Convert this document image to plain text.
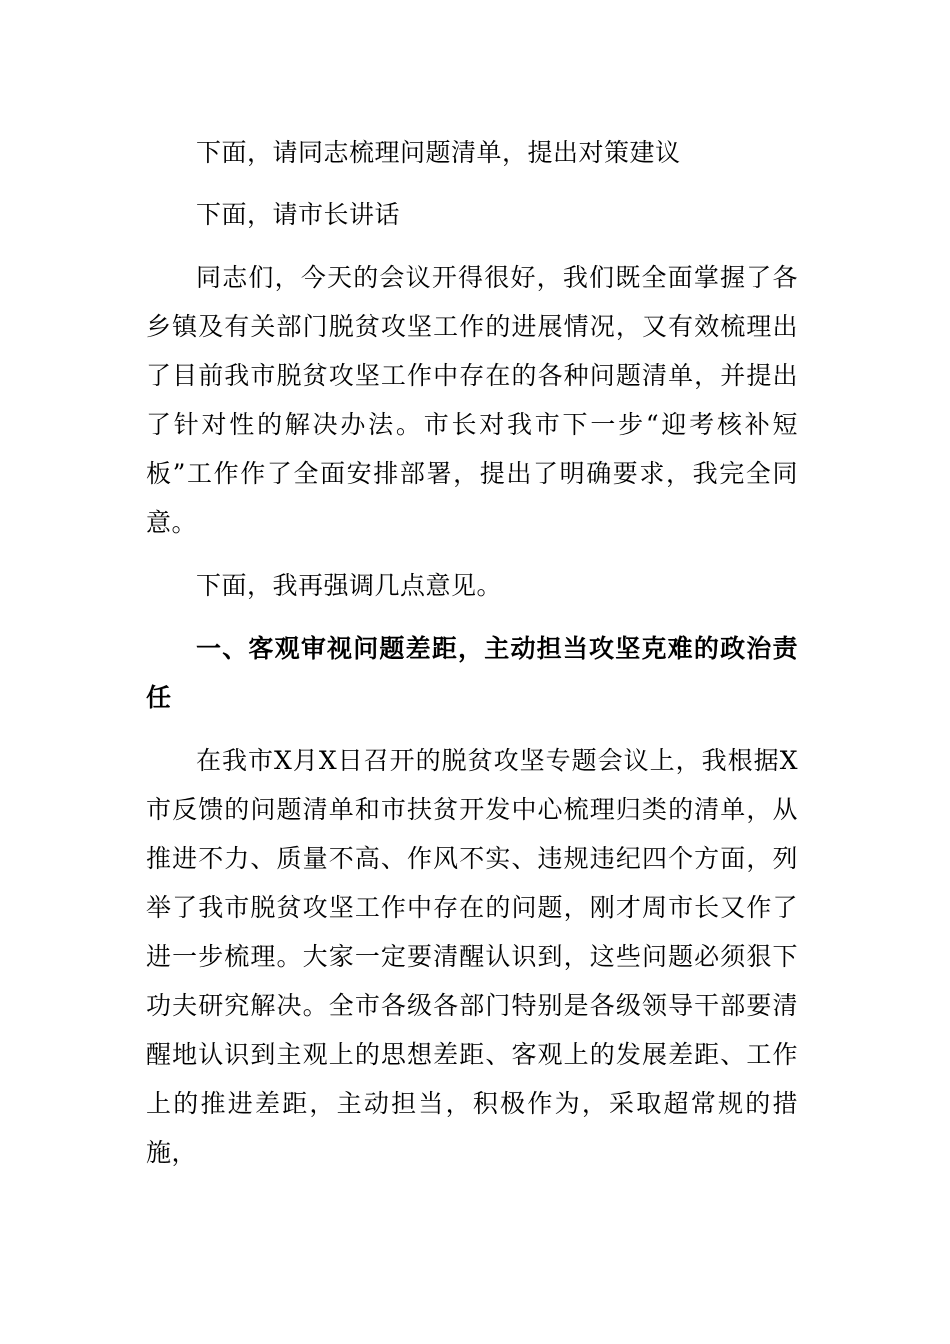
下面，请同志梳理问题清单，提出对策建议

下面，请市长讲话

同志们，今天的会议开得很好，我们既全面掌握了各乡镇及有关部门脱贫攻坚工作的进展情况，又有效梳理出了目前我市脱贫攻坚工作中存在的各种问题清单，并提出了针对性的解决办法。市长对我市下一步“迎考核补短板”工作作了全面安排部署，提出了明确要求，我完全同意。

下面，我再强调几点意见。

一、客观审视问题差距，主动担当攻坚克难的政治责任

在我市X月X日召开的脱贫攻坚专题会议上，我根据X市反馈的问题清单和市扶贫开发中心梳理归类的清单，从推进不力、质量不高、作风不实、违规违纪四个方面，列举了我市脱贫攻坚工作中存在的问题，刚才周市长又作了进一步梳理。大家一定要清醒认识到，这些问题必须狠下功夫研究解决。全市各级各部门特别是各级领导干部要清醒地认识到主观上的思想差距、客观上的发展差距、工作上的推进差距，主动担当，积极作为，采取超常规的措施，
